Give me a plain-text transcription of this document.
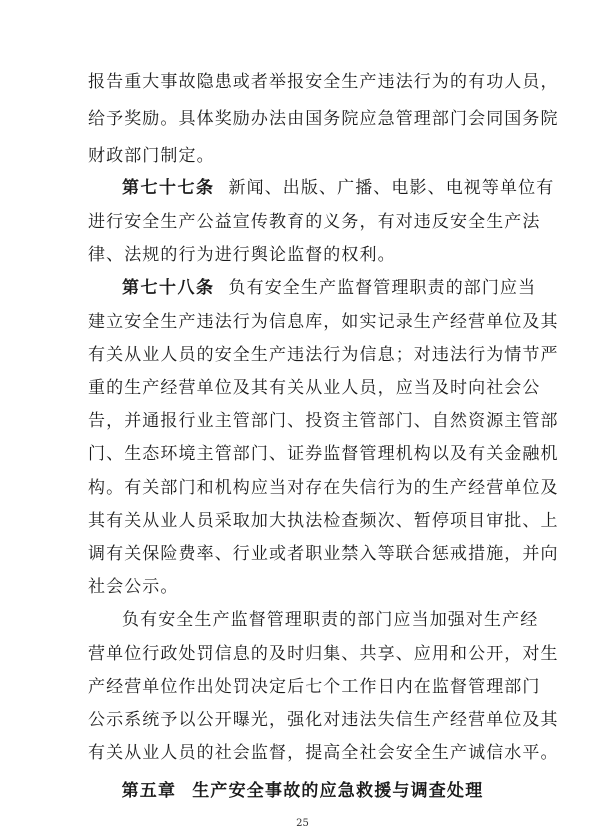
报告重大事故隐患或者举报安全生产违法行为的有功人员，
给予奖励。具体奖励办法由国务院应急管理部门会同国务院
财政部门制定。
第七十七条 新闻、出版、广播、电影、电视等单位有
进行安全生产公益宣传教育的义务，有对违反安全生产法
律、法规的行为进行舆论监督的权利。
第七十八条 负有安全生产监督管理职责的部门应当
建立安全生产违法行为信息库，如实记录生产经营单位及其
有关从业人员的安全生产违法行为信息；对违法行为情节严
重的生产经营单位及其有关从业人员，应当及时向社会公
告，并通报行业主管部门、投资主管部门、自然资源主管部
门、生态环境主管部门、证券监督管理机构以及有关金融机
构。有关部门和机构应当对存在失信行为的生产经营单位及
其有关从业人员采取加大执法检查频次、暂停项目审批、上
调有关保险费率、行业或者职业禁入等联合惩戒措施，并向
社会公示。
负有安全生产监督管理职责的部门应当加强对生产经
营单位行政处罚信息的及时归集、共享、应用和公开，对生
产经营单位作出处罚决定后七个工作日内在监督管理部门
公示系统予以公开曝光，强化对违法失信生产经营单位及其
有关从业人员的社会监督，提高全社会安全生产诚信水平。
第五章 生产安全事故的应急救援与调查处理
25
